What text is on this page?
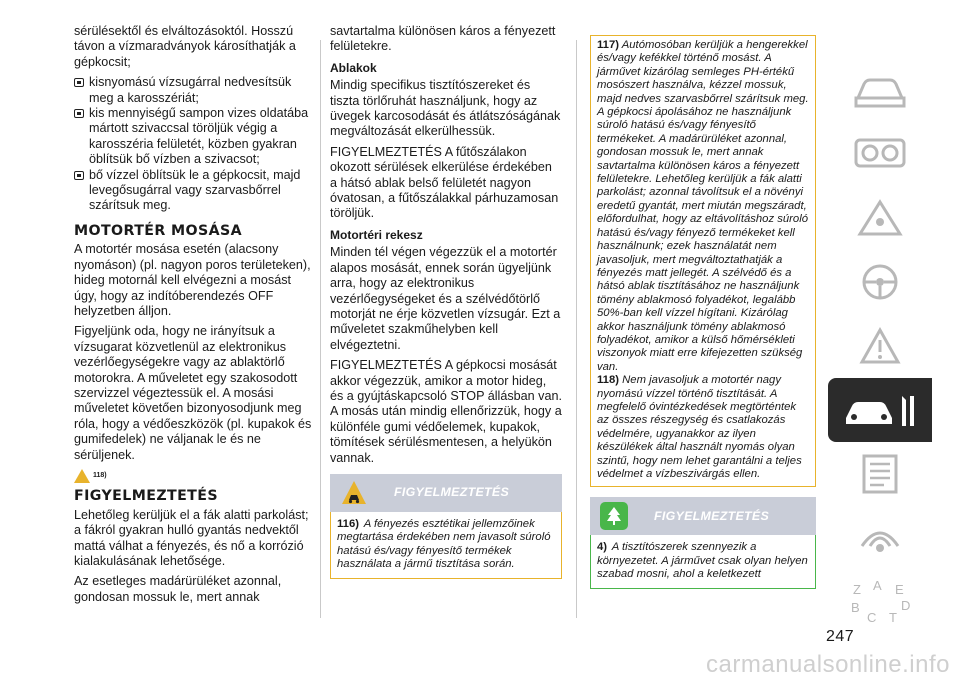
sérülésektől és elváltozásoktól. Hosszú távon a vízmaradványok károsíthatják a gépkocsit;

kisnyomású vízsugárral nedvesítsük meg a karosszériát;
kis mennyiségű sampon vizes oldatába mártott szivaccsal töröljük végig a karosszéria felületét, közben gyakran öblítsük bő vízben a szivacsot;
bő vízzel öblítsük le a gépkocsit, majd levegősugárral vagy szarvasbőrrel szárítsuk meg.
MOTORTÉR MOSÁSA

A motortér mosása esetén (alacsony nyomáson) (pl. nagyon poros területeken), hideg motornál kell elvégezni a mosást úgy, hogy az indítóberendezés OFF helyzetben álljon.

Figyeljünk oda, hogy ne irányítsuk a vízsugarat közvetlenül az elektronikus vezérlőegységekre vagy az ablaktörlő motorokra. A műveletet egy szakosodott szervizzel végeztessük el. A mosási műveletet követően bizonyosodjunk meg róla, hogy a védőeszközök (pl. kupakok és gumifedelek) ne váljanak le és ne sérüljenek.

118)
FIGYELMEZTETÉS

Lehetőleg kerüljük el a fák alatti parkolást; a fákról gyakran hulló gyantás nedvektől mattá válhat a fényezés, és nő a korrózió kialakulásának lehetősége.

Az esetleges madárürüléket azonnal, gondosan mossuk le, mert annak

savtartalma különösen káros a fényezett felületekre.

Ablakok

Mindig specifikus tisztítószereket és tiszta törlőruhát használjunk, hogy az üvegek karcosodását és átlátszóságának megváltozását elkerülhessük.

FIGYELMEZTETÉS A fűtőszálakon okozott sérülések elkerülése érdekében a hátsó ablak belső felületét nagyon óvatosan, a fűtőszálakkal párhuzamosan töröljük.

Motortéri rekesz

Minden tél végen végezzük el a motortér alapos mosását, ennek során ügyeljünk arra, hogy az elektronikus vezérlőegységeket és a szélvédőtörlő motorját ne érje közvetlen vízsugár. Ezt a műveletet szakműhelyben kell elvégeztetni.

FIGYELMEZTETÉS A gépkocsi mosását akkor végezzük, amikor a motor hideg, és a gyújtáskapcsoló STOP állásban van. A mosás után mindig ellenőrizzük, hogy a különféle gumi védőelemek, kupakok, tömítések sérülésmentesen, a helyükön vannak.

FIGYELMEZTETÉS
116) A fényezés esztétikai jellemzőinek megtartása érdekében nem javasolt súroló hatású és/vagy fényesítő termékek használata a jármű tisztítása során.
117) Autómosóban kerüljük a hengerekkel és/vagy kefékkel történő mosást. A járművet kizárólag semleges PH-értékű mosószert használva, kézzel mossuk, majd nedves szarvasbőrrel szárítsuk meg. A gépkocsi ápolásához ne használjunk súroló hatású és/vagy fényesítő termékeket. A madárürüléket azonnal, gondosan mossuk le, mert annak savtartalma különösen káros a fényezett felületekre. Lehetőleg kerüljük a fák alatti parkolást; azonnal távolítsuk el a növényi eredetű gyantát, mert miután megszáradt, előfordulhat, hogy az eltávolításhoz súroló hatású és/vagy fényező termékeket kell használnunk; ezek használatát nem javasoljuk, mert megváltoztathatják a fényezés matt jellegét. A szélvédő és a hátsó ablak tisztításához ne használjunk tömény ablakmosó folyadékot, legalább 50%-ban kell vízzel hígítani. Kizárólag akkor használjunk tömény ablakmosó folyadékot, amikor a külső hőmérsékleti viszonyok miatt erre kifejezetten szükség van.
118) Nem javasoljuk a motortér nagy nyomású vízzel történő tisztítását. A megfelelő óvintézkedések megtörténtek az összes részegység és csatlakozás védelmére, ugyanakkor az ilyen készülékek által használt nyomás olyan szintű, hogy nem lehet garantálni a teljes védelmet a vízbeszivárgás ellen.
FIGYELMEZTETÉS
4) A tisztítószerek szennyezik a környezetet. A járművet csak olyan helyen szabad mosni, ahol a keletkezett
Z A E
D
B
C T
247
carmanualsonline.info
